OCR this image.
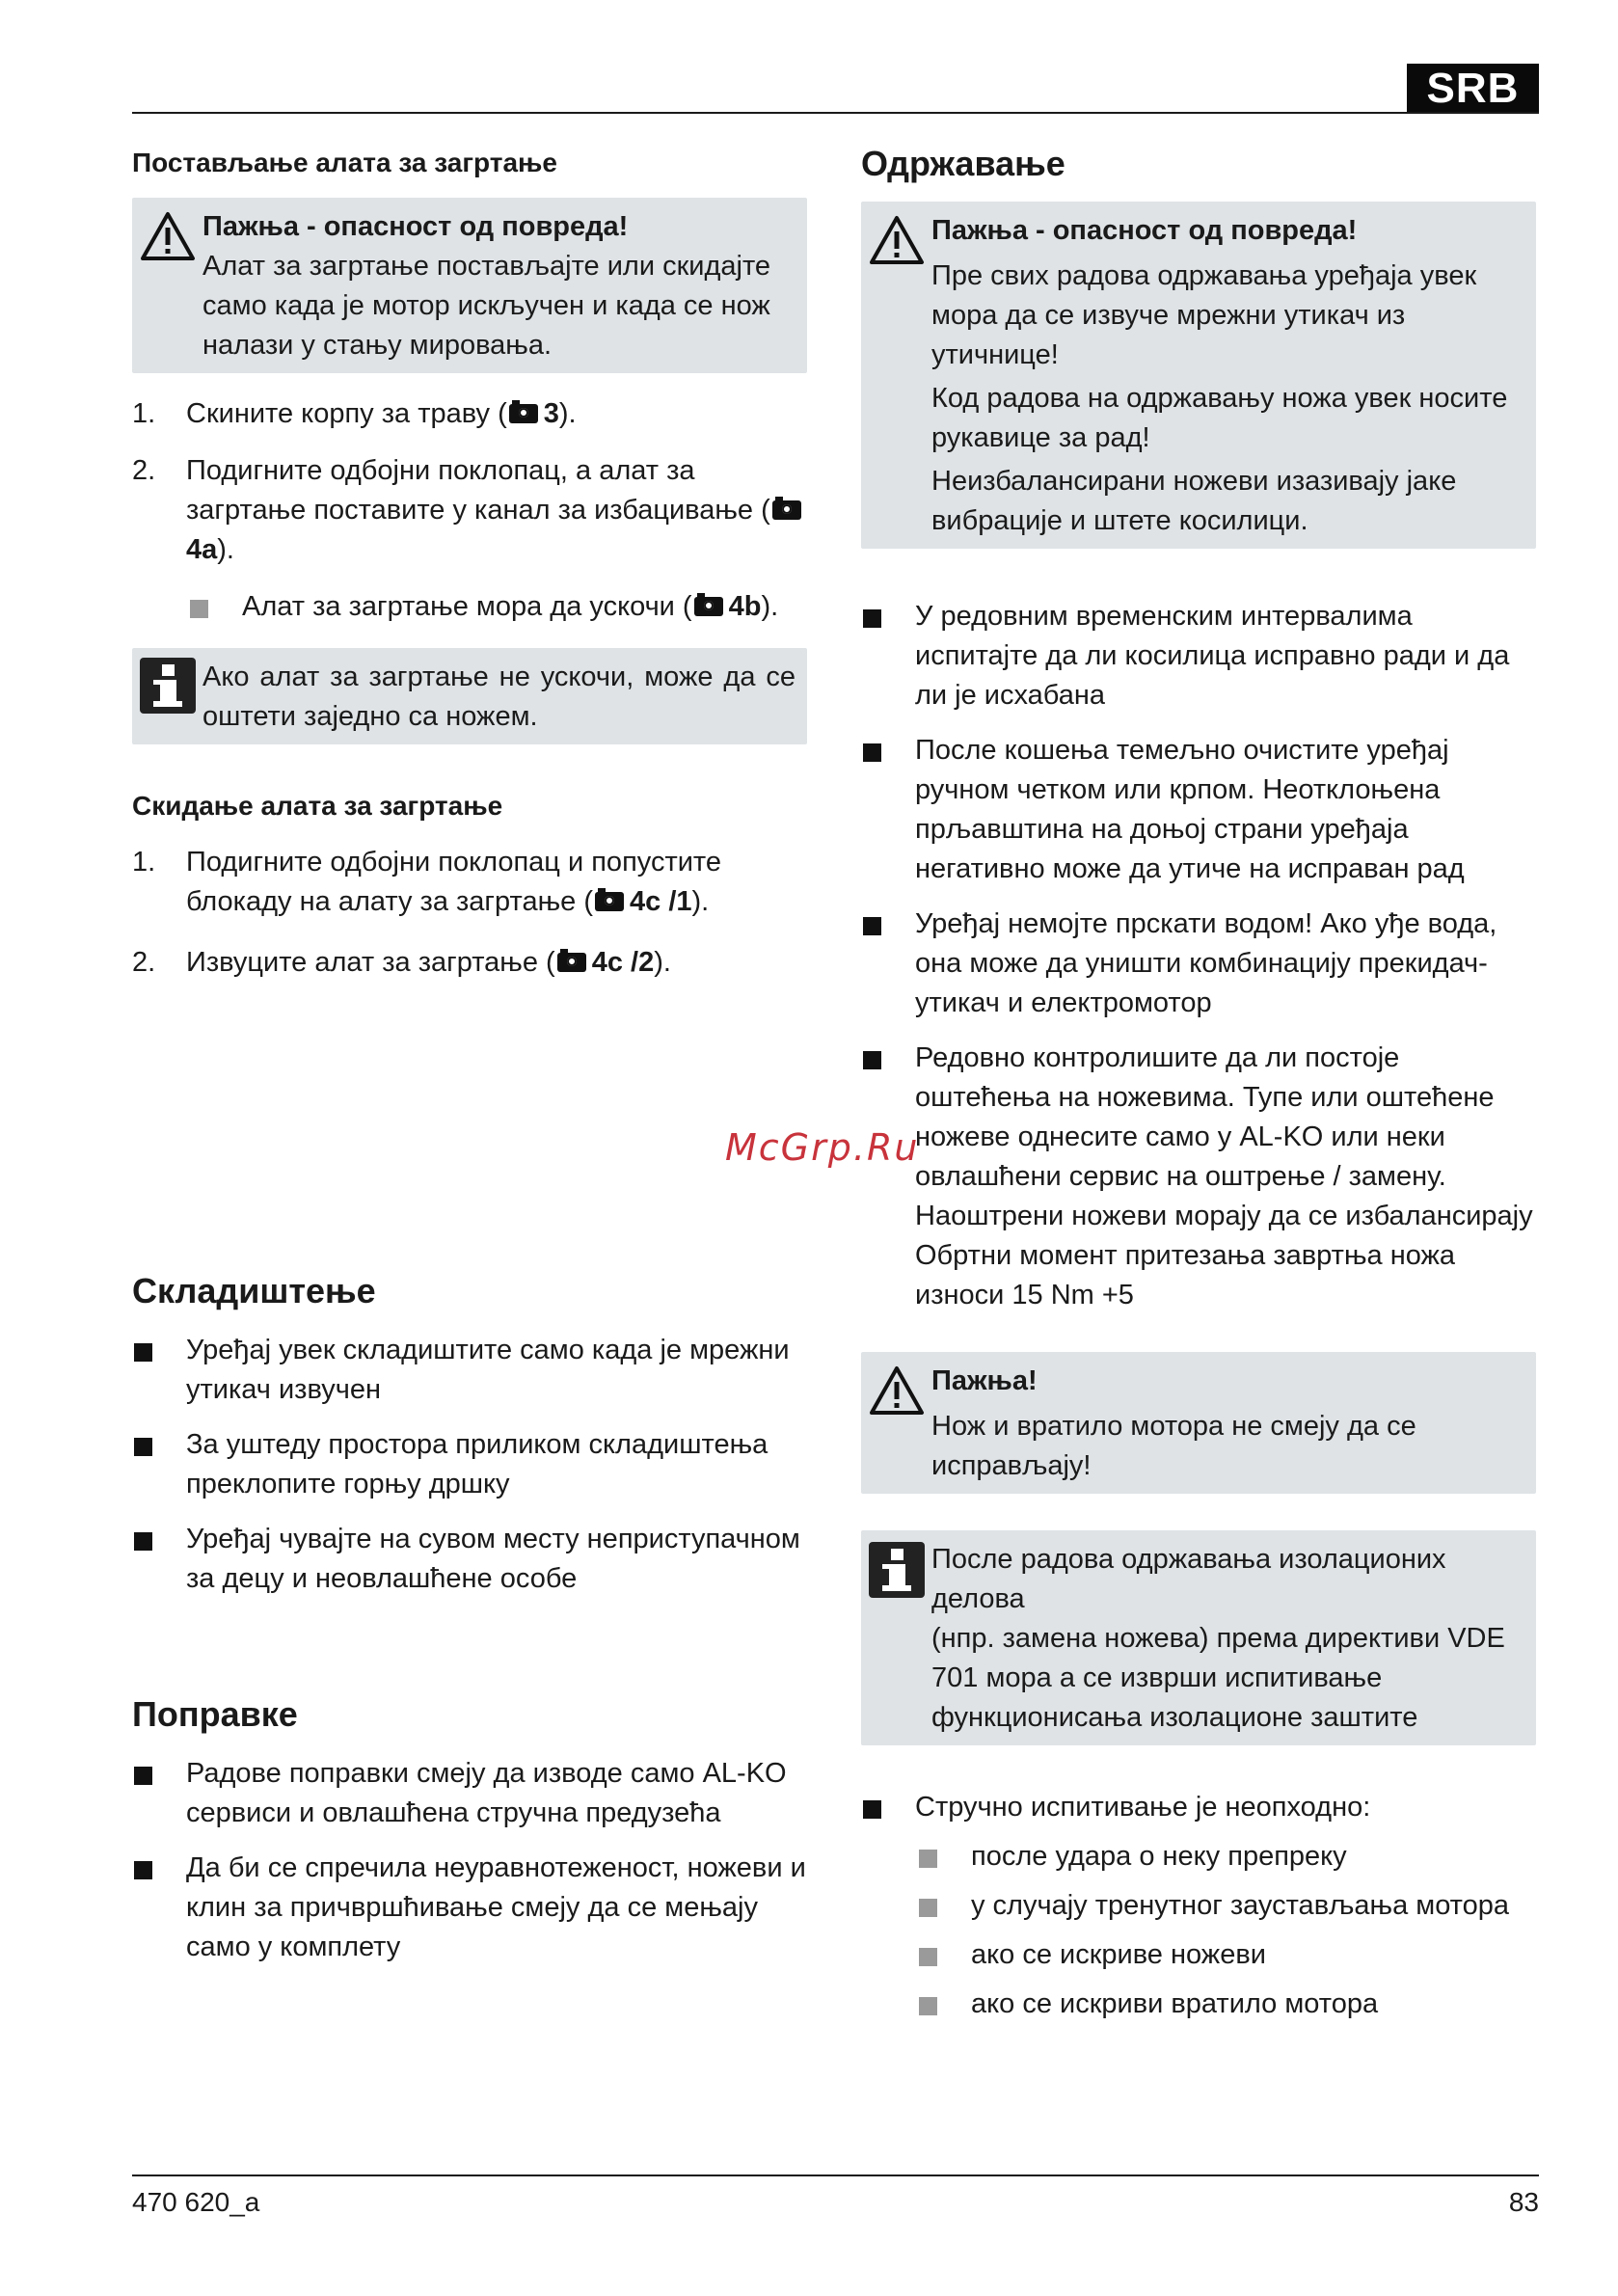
SRB
Постављање алата за загртање

Пажња - опасност од повреда!

Алат за загртање постављајте или скидајте само када је мотор искључен и када се нож налази у стању мировања.

1. Скините корпу за траву ( 3).
2. Подигните одбојни поклопац, а алат за загртање поставите у канал за избацивање (4a).
Алат за загртање мора да ускочи ( 4b).

Ако алат за загртање не ускочи, може да се оштети заједно са ножем.

Скидање алата за загртање
1. Подигните одбојни поклопац и попустите блокаду на алату за загртање ( 4c /1).
2. Извуците алат за загртање ( 4c /2).
Складиштење
Уређај увек складиштите само када је мрежни утикач извучен
За уштеду простора приликом складиштења преклопите горњу дршку
Уређај чувајте на сувом месту неприступачном за децу и неовлашћене особе
Поправке
Радове поправки смеју да изводе само AL-KO сервиси и овлашћена стручна предузећа
Да би се спречила неуравнотеженост, ножеви и клин за причвршћивање смеју да се мењају само у комплету
Одржавање

Пажња - опасност од повреда!

Пре свих радова одржавања уређаја увек мора да се извуче мрежни утикач из утичнице!

Код радова на одржавању ножа увек носите рукавице за рад!

Неизбалансирани ножеви изазивају јаке вибрације и штете косилици.

У редовним временским интервалима испитајте да ли косилица исправно ради и да ли је исхабана
После кошења темељно очистите уређај ручном четком или крпом. Неотклоњена прљавштина на доњој страни уређаја негативно може да утиче на исправан рад
Уређај немојте прскати водом! Ако уђе вода, она може да уништи комбинацију прекидач-утикач и електромотор
Редовно контролишите да ли постоје оштећења на ножевима. Тупе или оштећене ножеве однесите само у AL-KO или неки овлашћени сервис на оштрење / замену. Наоштрени ножеви морају да се избалансирају
Обртни момент притезања завртња ножа износи 15 Nm +5

Пажња!

Нож и вратило мотора не смеју да се исправљају!

После радова одржавања изолационих делова

(нпр. замена ножева) према директиви VDE 701 мора а се изврши испитивање функционисања изолационе заштите

Стручно испитивање је неопходно:
после удара о неку препреку
у случају тренутног заустављања мотора
ако се искриве ножеви
ако се искриви вратило мотора
McGrp.Ru
470 620_a	83
